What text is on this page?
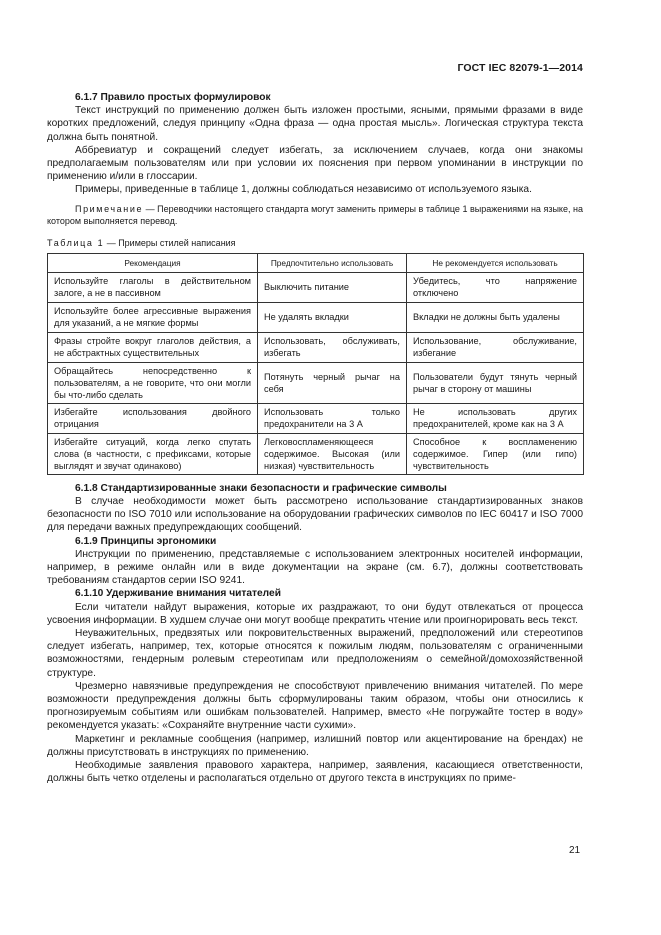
ГОСТ IEC 82079-1—2014
6.1.7 Правило простых формулировок

Текст инструкций по применению должен быть изложен простыми, ясными, прямыми фразами в виде коротких предложений, следуя принципу «Одна фраза — одна простая мысль». Логическая структура текста должна быть понятной.

Аббревиатур и сокращений следует избегать, за исключением случаев, когда они знакомы предполагаемым пользователям или при условии их пояснения при первом упоминании в инструкции по применению и/или в глоссарии.

Примеры, приведенные в таблице 1, должны соблюдаться независимо от используемого языка.

Примечание — Переводчики настоящего стандарта могут заменить примеры в таблице 1 выражениями на языке, на котором выполняется перевод.
Таблица 1 — Примеры стилей написания
Рекомендация	Предпочтительно использовать	Не рекомендуется использовать
Используйте глаголы в действительном залоге, а не в пассивном	Выключить питание	Убедитесь, что напряжение отключено
Используйте более агрессивные выражения для указаний, а не мягкие формы	Не удалять вкладки	Вкладки не должны быть удалены
Фразы стройте вокруг глаголов действия, а не абстрактных существительных	Использовать, обслуживать, избегать	Использование, обслуживание, избегание
Обращайтесь непосредственно к пользователям, а не говорите, что они могли бы что-либо сделать	Потянуть черный рычаг на себя	Пользователи будут тянуть черный рычаг в сторону от машины
Избегайте использования двойного отрицания	Использовать только предохранители на 3 А	Не использовать других предохранителей, кроме как на 3 А
Избегайте ситуаций, когда легко спутать слова (в частности, с префиксами, которые выглядят и звучат одинаково)	Легковоспламеняющееся содержимое. Высокая (или низкая) чувствительность	Способное к воспламенению содержимое. Гипер (или гипо) чувствительность
6.1.8 Стандартизированные знаки безопасности и графические символы

В случае необходимости может быть рассмотрено использование стандартизированных знаков безопасности по ISO 7010 или использование на оборудовании графических символов по IEC 60417 и ISO 7000 для передачи важных предупреждающих сообщений.

6.1.9 Принципы эргономики

Инструкции по применению, представляемые с использованием электронных носителей информации, например, в режиме онлайн или в виде документации на экране (см. 6.7), должны соответствовать требованиям стандартов серии ISO 9241.

6.1.10 Удерживание внимания читателей

Если читатели найдут выражения, которые их раздражают, то они будут отвлекаться от процесса усвоения информации. В худшем случае они могут вообще прекратить чтение или проигнорировать весь текст.

Неуважительных, предвзятых или покровительственных выражений, предположений или стереотипов следует избегать, например, тех, которые относятся к пожилым людям, пользователям с ограниченными возможностями, гендерным ролевым стереотипам или предположениям о семейной/домохозяйственной структуре.

Чрезмерно навязчивые предупреждения не способствуют привлечению внимания читателей. По мере возможности предупреждения должны быть сформулированы таким образом, чтобы они относились к прогнозируемым событиям или ошибкам пользователей. Например, вместо «Не погружайте тостер в воду» рекомендуется указать: «Сохраняйте внутренние части сухими».

Маркетинг и рекламные сообщения (например, излишний повтор или акцентирование на брендах) не должны присутствовать в инструкциях по применению.

Необходимые заявления правового характера, например, заявления, касающиеся ответственности, должны быть четко отделены и располагаться отдельно от другого текста в инструкциях по приме-

21
